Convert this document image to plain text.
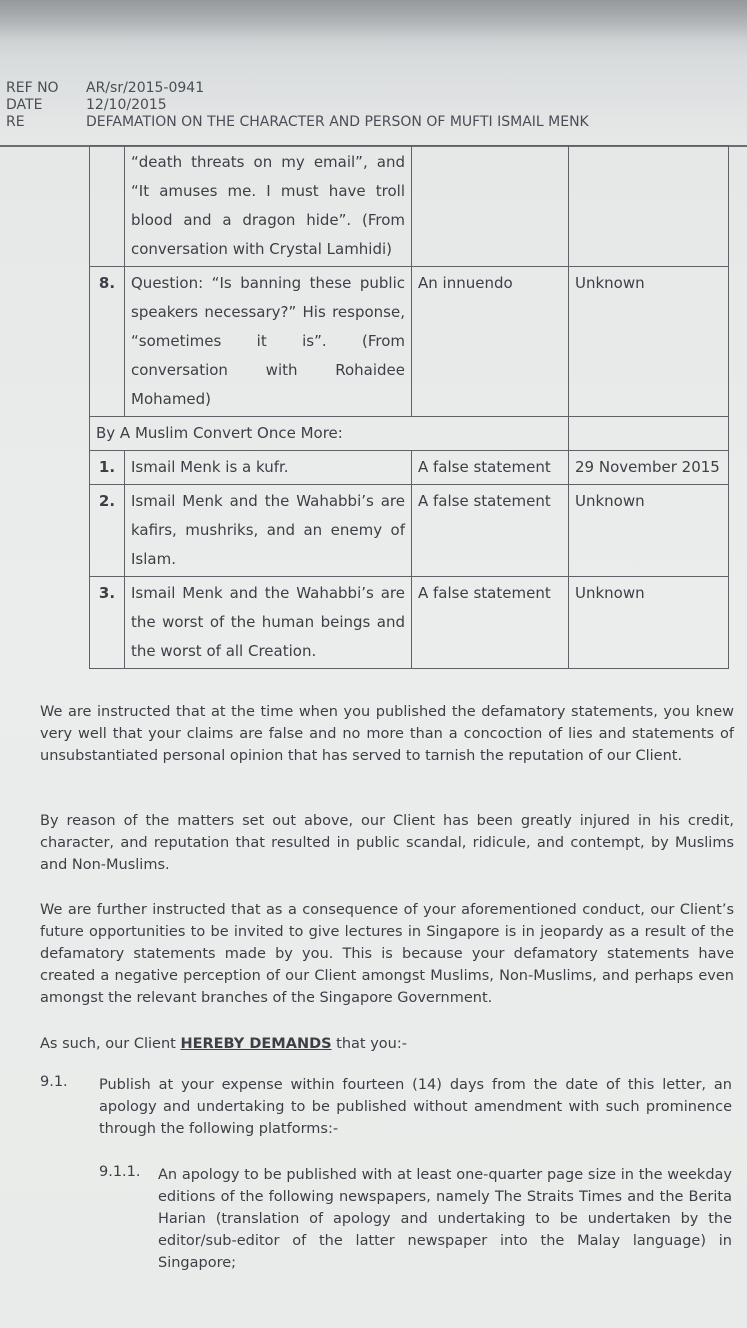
REF NO	AR/sr/2015-0941
DATE	12/10/2015
RE	DEFAMATION ON THE CHARACTER AND PERSON OF MUFTI ISMAIL MENK
	“death threats on my email”, and “It amuses me. I must have troll blood and a dragon hide”. (From conversation with Crystal Lamhidi)		
8.	Question: “Is banning these public speakers necessary?” His response, “sometimes it is”. (From conversation with Rohaidee Mohamed)	An innuendo	Unknown
By A Muslim Convert Once More:			
1.	Ismail Menk is a kufr.	A false statement	29 November 2015
2.	Ismail Menk and the Wahabbi’s are kafirs, mushriks, and an enemy of Islam.	A false statement	Unknown
3.	Ismail Menk and the Wahabbi’s are the worst of the human beings and the worst of all Creation.	A false statement	Unknown
We are instructed that at the time when you published the defamatory statements, you knew very well that your claims are false and no more than a concoction of lies and statements of unsubstantiated personal opinion that has served to tarnish the reputation of our Client.
By reason of the matters set out above, our Client has been greatly injured in his credit, character, and reputation that resulted in public scandal, ridicule, and contempt, by Muslims and Non-Muslims.
We are further instructed that as a consequence of your aforementioned conduct, our Client’s future opportunities to be invited to give lectures in Singapore is in jeopardy as a result of the defamatory statements made by you. This is because your defamatory statements have created a negative perception of our Client amongst Muslims, Non-Muslims, and perhaps even amongst the relevant branches of the Singapore Government.
As such, our Client HEREBY DEMANDS that you:-
9.1. Publish at your expense within fourteen (14) days from the date of this letter, an apology and undertaking to be published without amendment with such prominence through the following platforms:-
9.1.1. An apology to be published with at least one-quarter page size in the weekday editions of the following newspapers, namely The Straits Times and the Berita Harian (translation of apology and undertaking to be undertaken by the editor/sub-editor of the latter newspaper into the Malay language) in Singapore;
